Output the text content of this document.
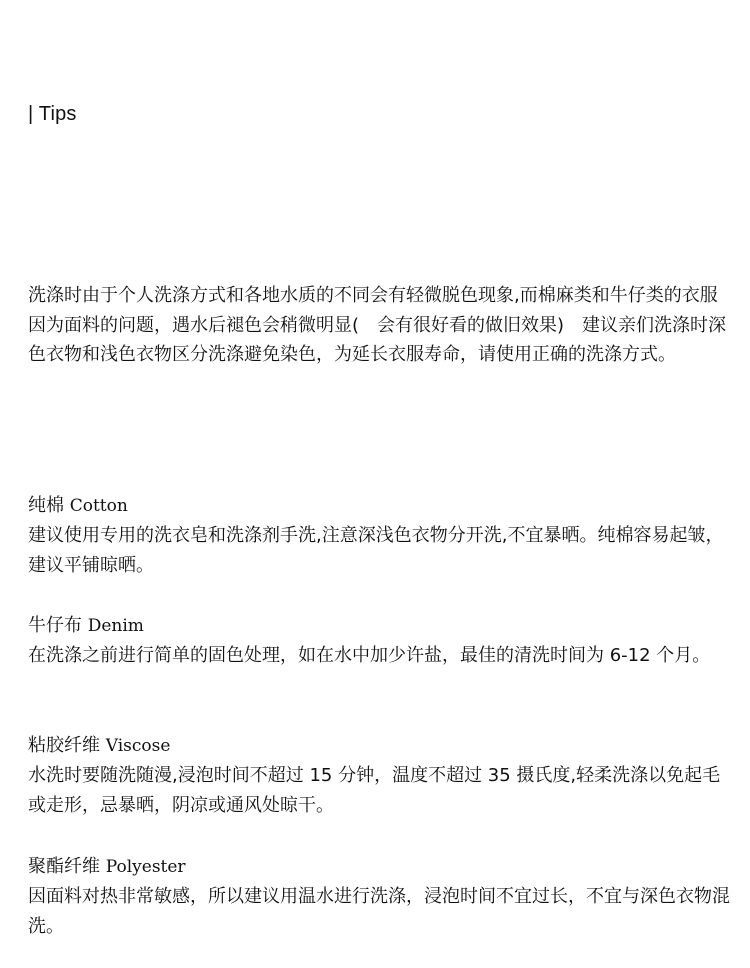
| Tips

洗涤时由于个人洗涤方式和各地水质的不同会有轻微脱色现象,而棉麻类和牛仔类的衣服因为面料的问题，遇水后褪色会稍微明显(　会有很好看的做旧效果)　建议亲们洗涤时深色衣物和浅色衣物区分洗涤避免染色，为延长衣服寿命，请使用正确的洗涤方式。

纯棉 Cotton

建议使用专用的洗衣皂和洗涤剂手洗,注意深浅色衣物分开洗,不宜暴晒。纯棉容易起皱，建议平铺晾晒。

牛仔布 Denim

在洗涤之前进行简单的固色处理，如在水中加少许盐，最佳的清洗时间为 6-12 个月。

粘胶纤维 Viscose

水洗时要随洗随漫,浸泡时间不超过 15 分钟，温度不超过 35 摄氏度,轻柔洗涤以免起毛或走形，忌暴晒，阴凉或通风处晾干。

聚酯纤维 Polyester

因面料对热非常敏感，所以建议用温水进行洗涤，浸泡时间不宜过长，不宜与深色衣物混洗。
